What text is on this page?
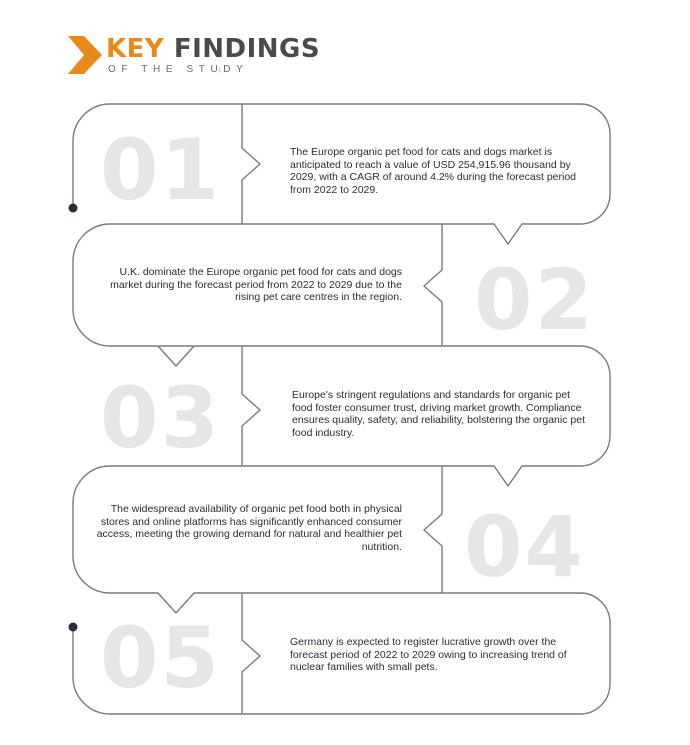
KEY FINDINGS
OF THE STUDY
01	The Europe organic pet food for cats and dogs market is anticipated to reach a value of USD 254,915.96 thousand by 2029, with a CAGR of around 4.2% during the forecast period from 2022 to 2029.
02
U.K. dominate the Europe organic pet food for cats and dogs market during the forecast period from 2022 to 2029 due to the rising pet care centres in the region.
03	Europe's stringent regulations and standards for organic pet food foster consumer trust, driving market growth. Compliance ensures quality, safety, and reliability, bolstering the organic pet food industry.
04
The widespread availability of organic pet food both in physical stores and online platforms has significantly enhanced consumer access, meeting the growing demand for natural and healthier pet nutrition.
05	Germany is expected to register lucrative growth over the forecast period of 2022 to 2029 owing to increasing trend of nuclear families with small pets.
